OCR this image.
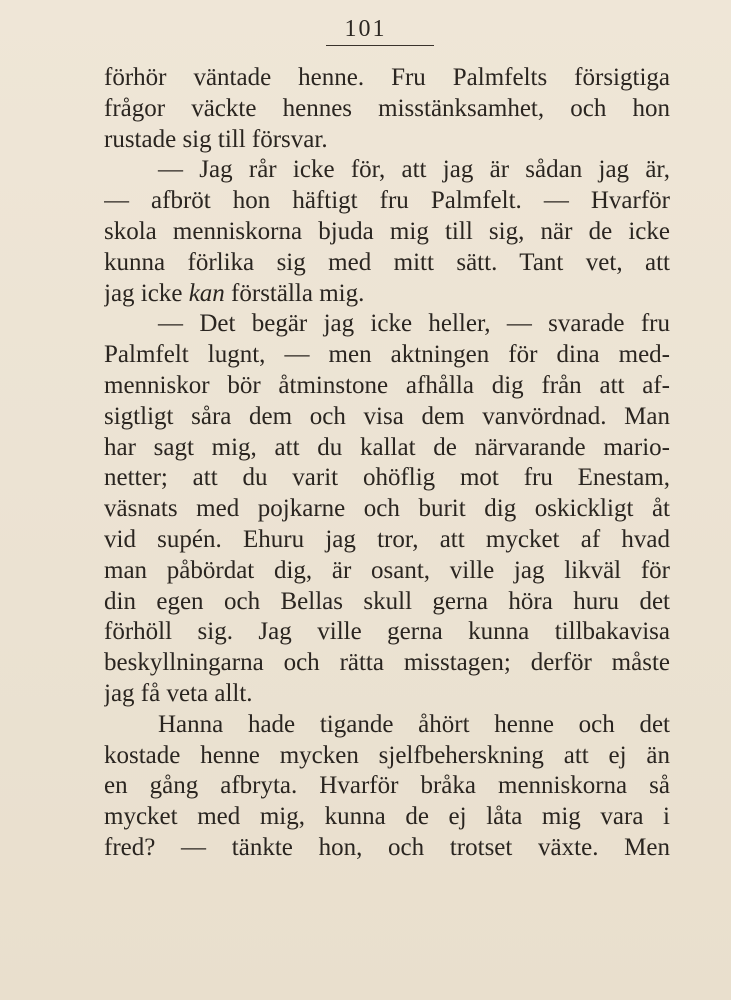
101
förhör väntade henne. Fru Palmfelts försigtiga
frågor väckte hennes misstänksamhet, och hon
rustade sig till försvar.
— Jag rår icke för, att jag är sådan jag är,
— afbröt hon häftigt fru Palmfelt. — Hvarför
skola menniskorna bjuda mig till sig, när de icke
kunna förlika sig med mitt sätt. Tant vet, att
jag icke kan förställa mig.
— Det begär jag icke heller, — svarade fru
Palmfelt lugnt, — men aktningen för dina med-
menniskor bör åtminstone afhålla dig från att af-
sigtligt såra dem och visa dem vanvördnad. Man
har sagt mig, att du kallat de närvarande mario-
netter; att du varit ohöflig mot fru Enestam,
väsnats med pojkarne och burit dig oskickligt åt
vid supén. Ehuru jag tror, att mycket af hvad
man påbördat dig, är osant, ville jag likväl för
din egen och Bellas skull gerna höra huru det
förhöll sig. Jag ville gerna kunna tillbakavisa
beskyllningarna och rätta misstagen; derför måste
jag få veta allt.
Hanna hade tigande åhört henne och det
kostade henne mycken sjelfbeherskning att ej än
en gång afbryta. Hvarför bråka menniskorna så
mycket med mig, kunna de ej låta mig vara i
fred? — tänkte hon, och trotset växte. Men
